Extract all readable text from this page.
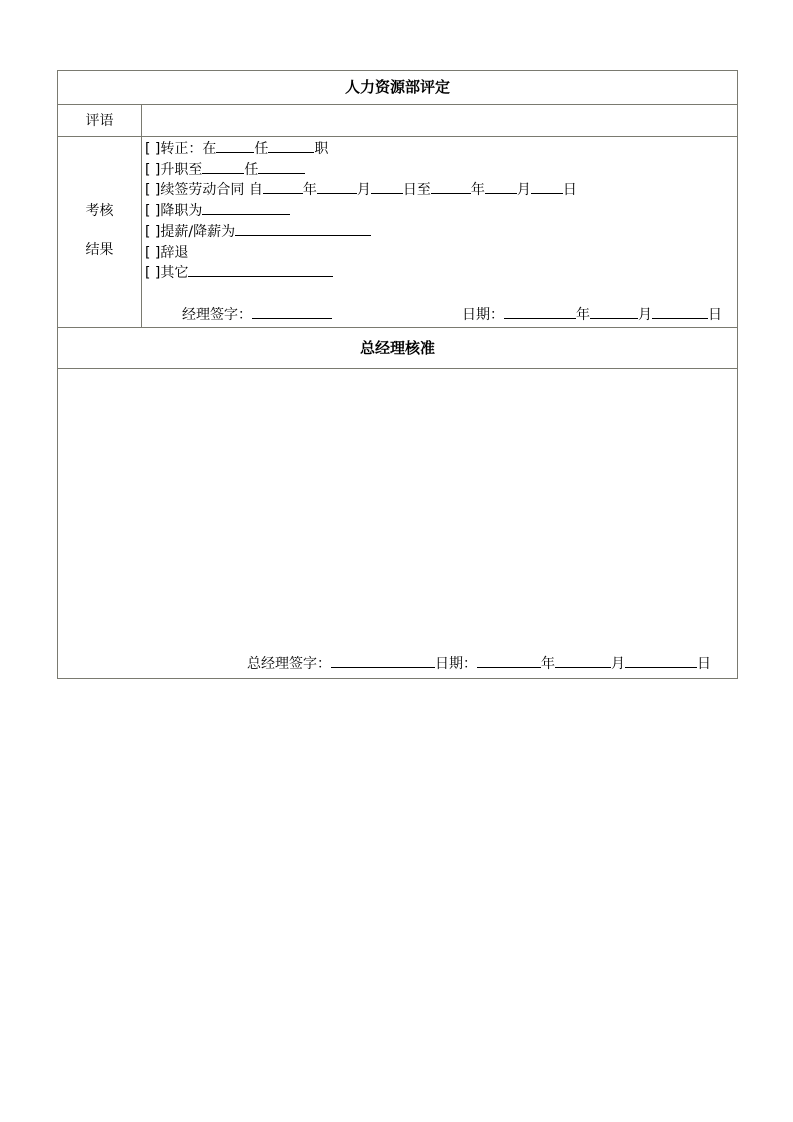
人力资源部评定
评语
考核
结果
[ ]转正：在	任	职
[ ]升职至	任
[ ]续签劳动合同 自	年	月 日至	年 月 日
[ ]降职为
[ ]提薪/降薪为
[ ]辞退
[ ]其它
经理签字：	日期：	年	月	日
总经理核准
总经理签字：	日期：	年	月	日
